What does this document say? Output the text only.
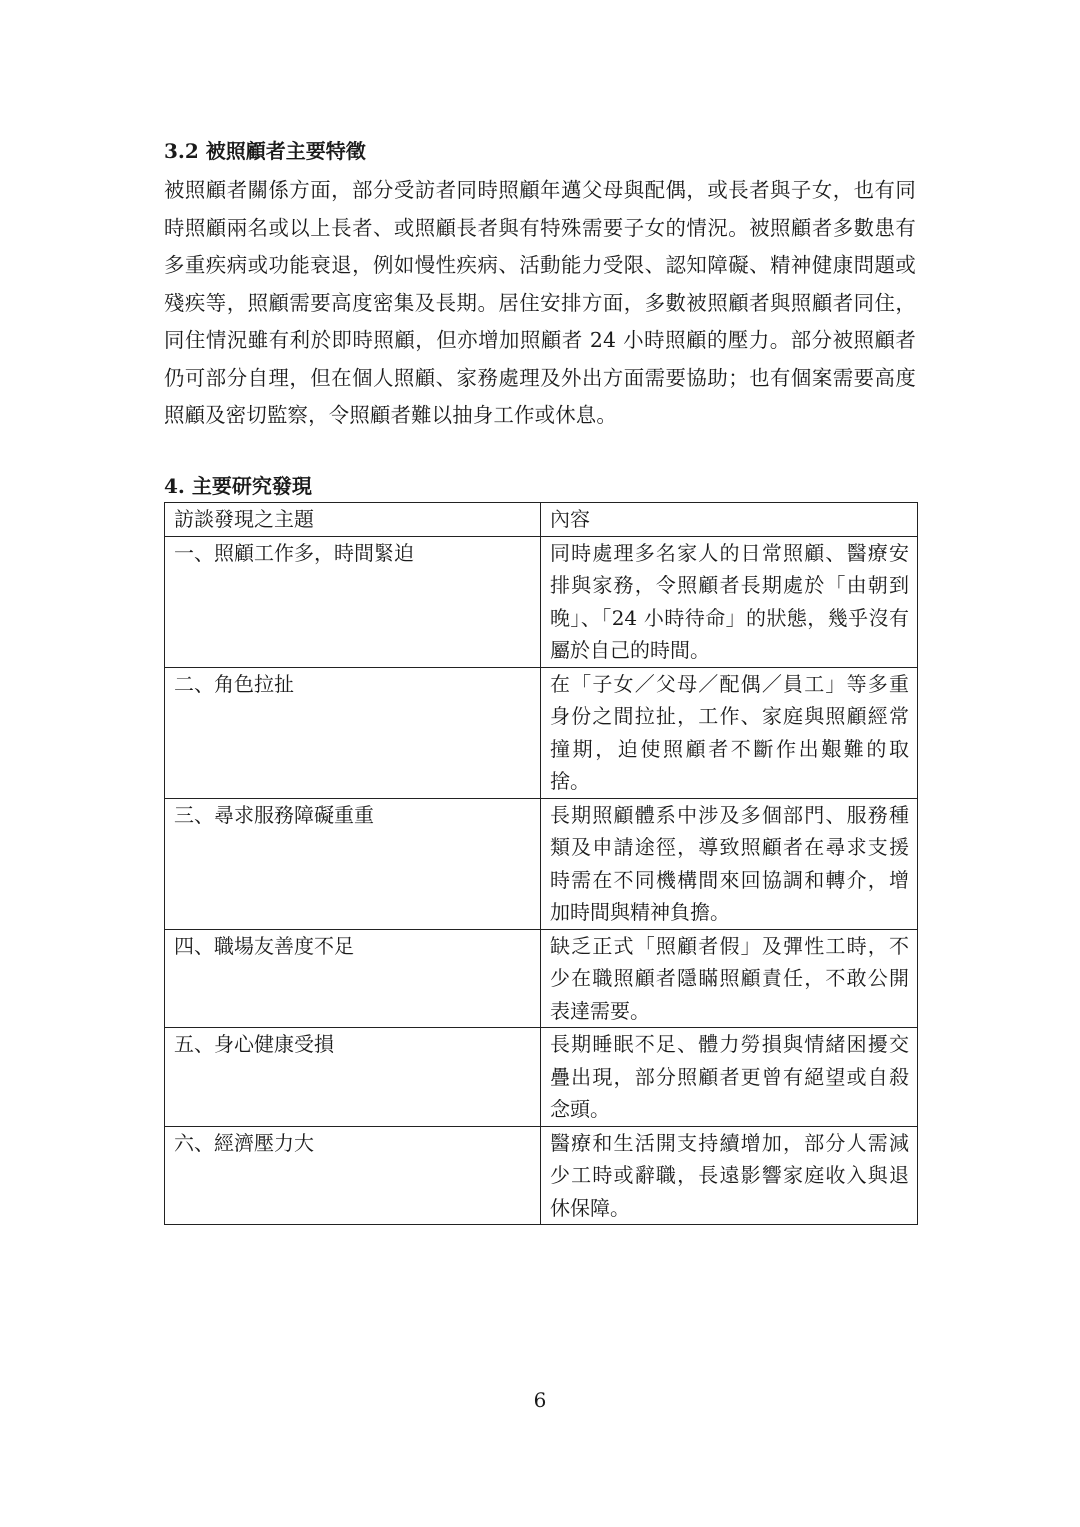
3.2 被照顧者主要特徵

被照顧者關係方面，部分受訪者同時照顧年邁父母與配偶，或長者與子女，也有同時照顧兩名或以上長者、或照顧長者與有特殊需要子女的情況。被照顧者多數患有多重疾病或功能衰退，例如慢性疾病、活動能力受限、認知障礙、精神健康問題或殘疾等，照顧需要高度密集及長期。居住安排方面，多數被照顧者與照顧者同住，同住情況雖有利於即時照顧，但亦增加照顧者 24 小時照顧的壓力。部分被照顧者仍可部分自理，但在個人照顧、家務處理及外出方面需要協助；也有個案需要高度照顧及密切監察，令照顧者難以抽身工作或休息。

4. 主要研究發現
訪談發現之主題	內容
一、照顧工作多，時間緊迫	同時處理多名家人的日常照顧、醫療安排與家務，令照顧者長期處於「由朝到晚」、「24 小時待命」的狀態，幾乎沒有屬於自己的時間。
二、角色拉扯	在「子女／父母／配偶／員工」等多重身份之間拉扯，工作、家庭與照顧經常撞期，迫使照顧者不斷作出艱難的取捨。
三、尋求服務障礙重重	長期照顧體系中涉及多個部門、服務種類及申請途徑，導致照顧者在尋求支援時需在不同機構間來回協調和轉介，增加時間與精神負擔。
四、職場友善度不足	缺乏正式「照顧者假」及彈性工時，不少在職照顧者隱瞞照顧責任，不敢公開表達需要。
五、身心健康受損	長期睡眠不足、體力勞損與情緒困擾交疊出現，部分照顧者更曾有絕望或自殺念頭。
六、經濟壓力大	醫療和生活開支持續增加，部分人需減少工時或辭職，長遠影響家庭收入與退休保障。
6
